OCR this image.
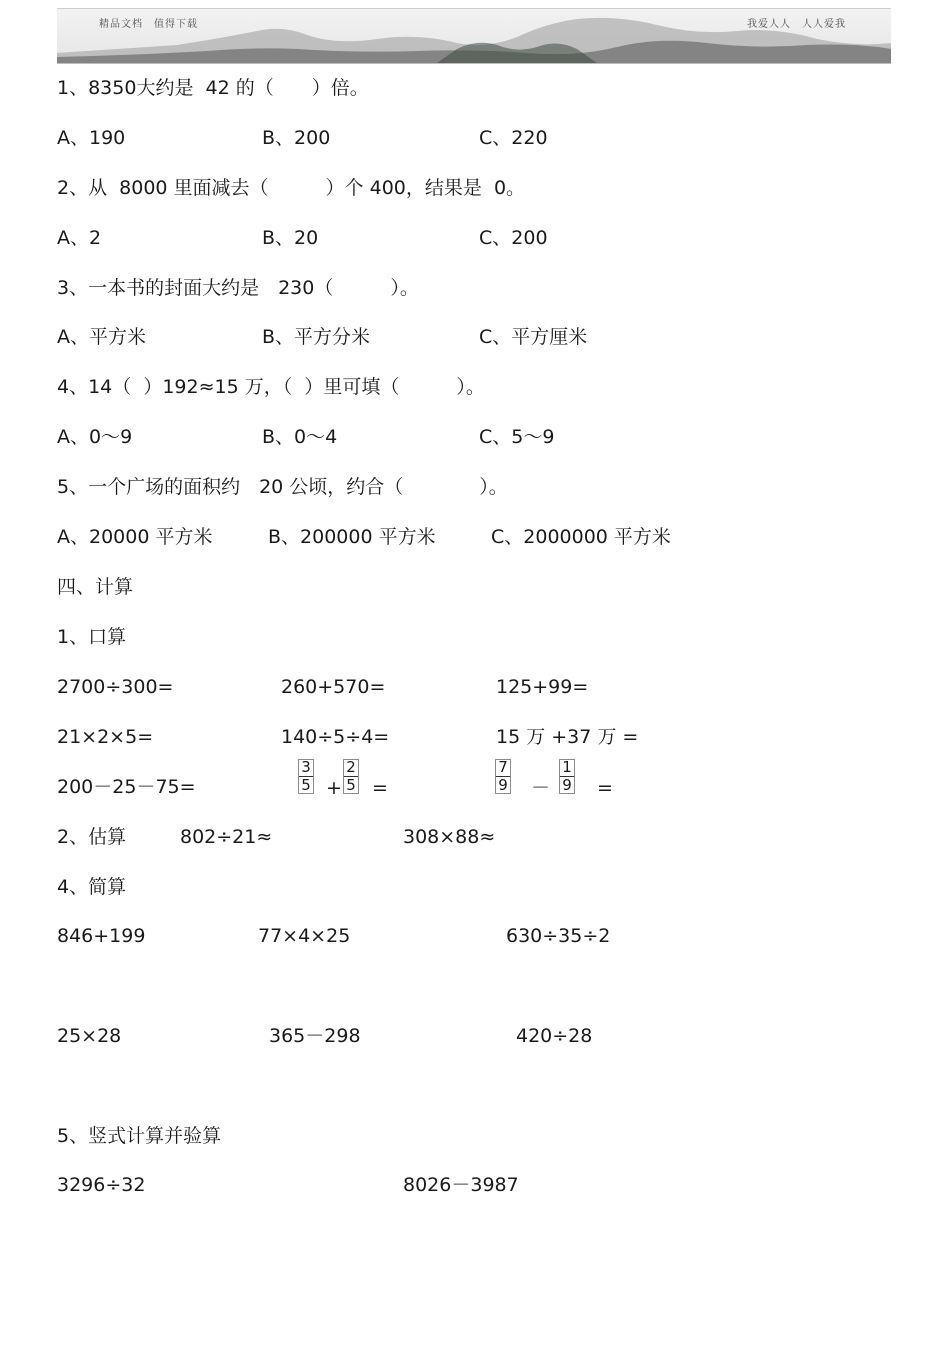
精品文档　值得下载	我爱人人　人人爱我
1、8350大约是  42 的（　　）倍。
A、190	B、200	C、220
2、从  8000 里面减去（　　　）个 400，结果是  0。
A、2	B、20	C、200
3、一本书的封面大约是　230（　　　）。
A、平方米	B、平方分米	C、平方厘米
4、14（  ）192≈15 万，（  ）里可填（　　　）。
A、0～9	B、0～4	C、5～9
5、一个广场的面积约　20 公顷，约合（　　　　）。
A、20000 平方米	B、200000 平方米	C、2000000 平方米
四、计算
1、口算
2700÷300=	260+570=	125+99=
21×2×5=	140÷5÷4=	15 万 +37 万 =
200－25－75=	$\frac{3}{5} + \frac{2}{5}$ =	$\frac{7}{9} - \frac{1}{9}$ =
2、估算	802÷21≈	308×88≈
4、简算
846+199	77×4×25	630÷35÷2
25×28	365－298	420÷28
5、竖式计算并验算
3296÷32	8026－3987
